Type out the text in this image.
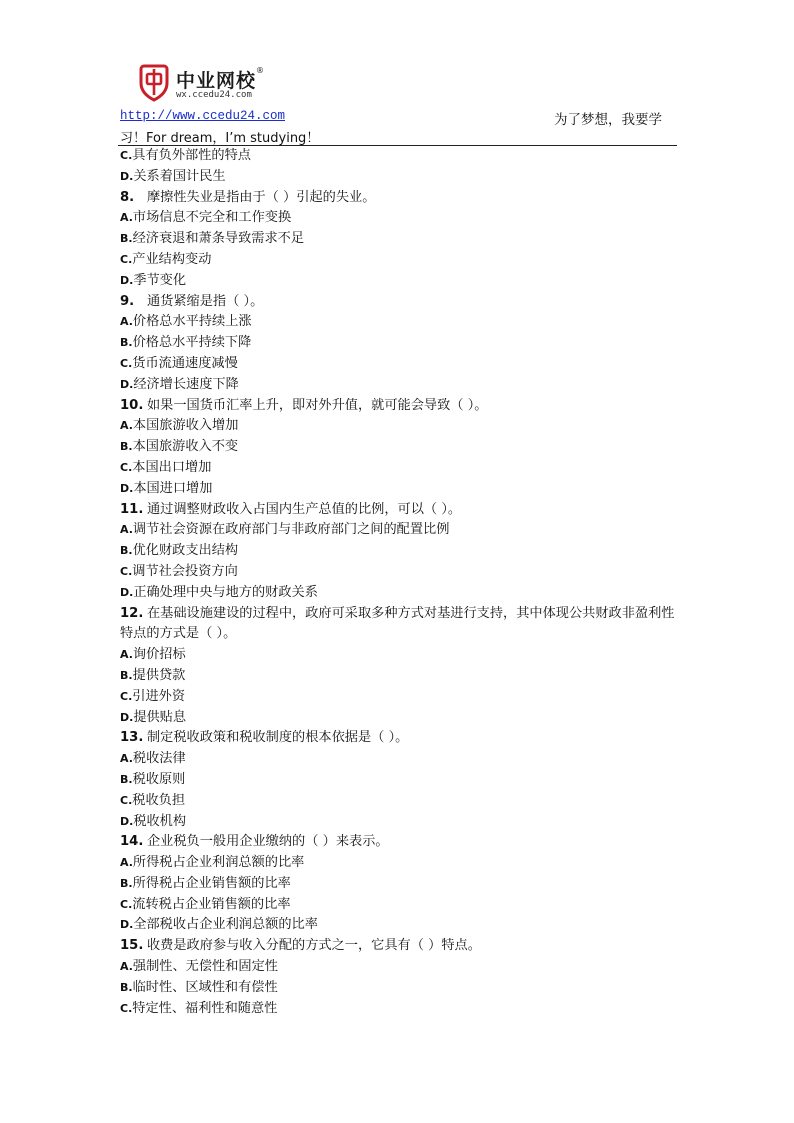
中业网校®
wx.ccedu24.com
http://www.ccedu24.com	为了梦想，我要学
习！For dream，I’m studying！
C.具有负外部性的特点
D.关系着国计民生
8. 摩擦性失业是指由于（ ）引起的失业。
A.市场信息不完全和工作变换
B.经济衰退和萧条导致需求不足
C.产业结构变动
D.季节变化
9. 通货紧缩是指（ ）。
A.价格总水平持续上涨
B.价格总水平持续下降
C.货币流通速度减慢
D.经济增长速度下降
10. 如果一国货币汇率上升，即对外升值，就可能会导致（ ）。
A.本国旅游收入增加
B.本国旅游收入不变
C.本国出口增加
D.本国进口增加
11. 通过调整财政收入占国内生产总值的比例，可以（ ）。
A.调节社会资源在政府部门与非政府部门之间的配置比例
B.优化财政支出结构
C.调节社会投资方向
D.正确处理中央与地方的财政关系
12. 在基础设施建设的过程中，政府可采取多种方式对基进行支持，其中体现公共财政非盈利性特点的方式是（ ）。
A.询价招标
B.提供贷款
C.引进外资
D.提供贴息
13. 制定税收政策和税收制度的根本依据是（ ）。
A.税收法律
B.税收原则
C.税收负担
D.税收机构
14. 企业税负一般用企业缴纳的（ ）来表示。
A.所得税占企业利润总额的比率
B.所得税占企业销售额的比率
C.流转税占企业销售额的比率
D.全部税收占企业利润总额的比率
15. 收费是政府参与收入分配的方式之一，它具有（ ）特点。
A.强制性、无偿性和固定性
B.临时性、区域性和有偿性
C.特定性、福利性和随意性
